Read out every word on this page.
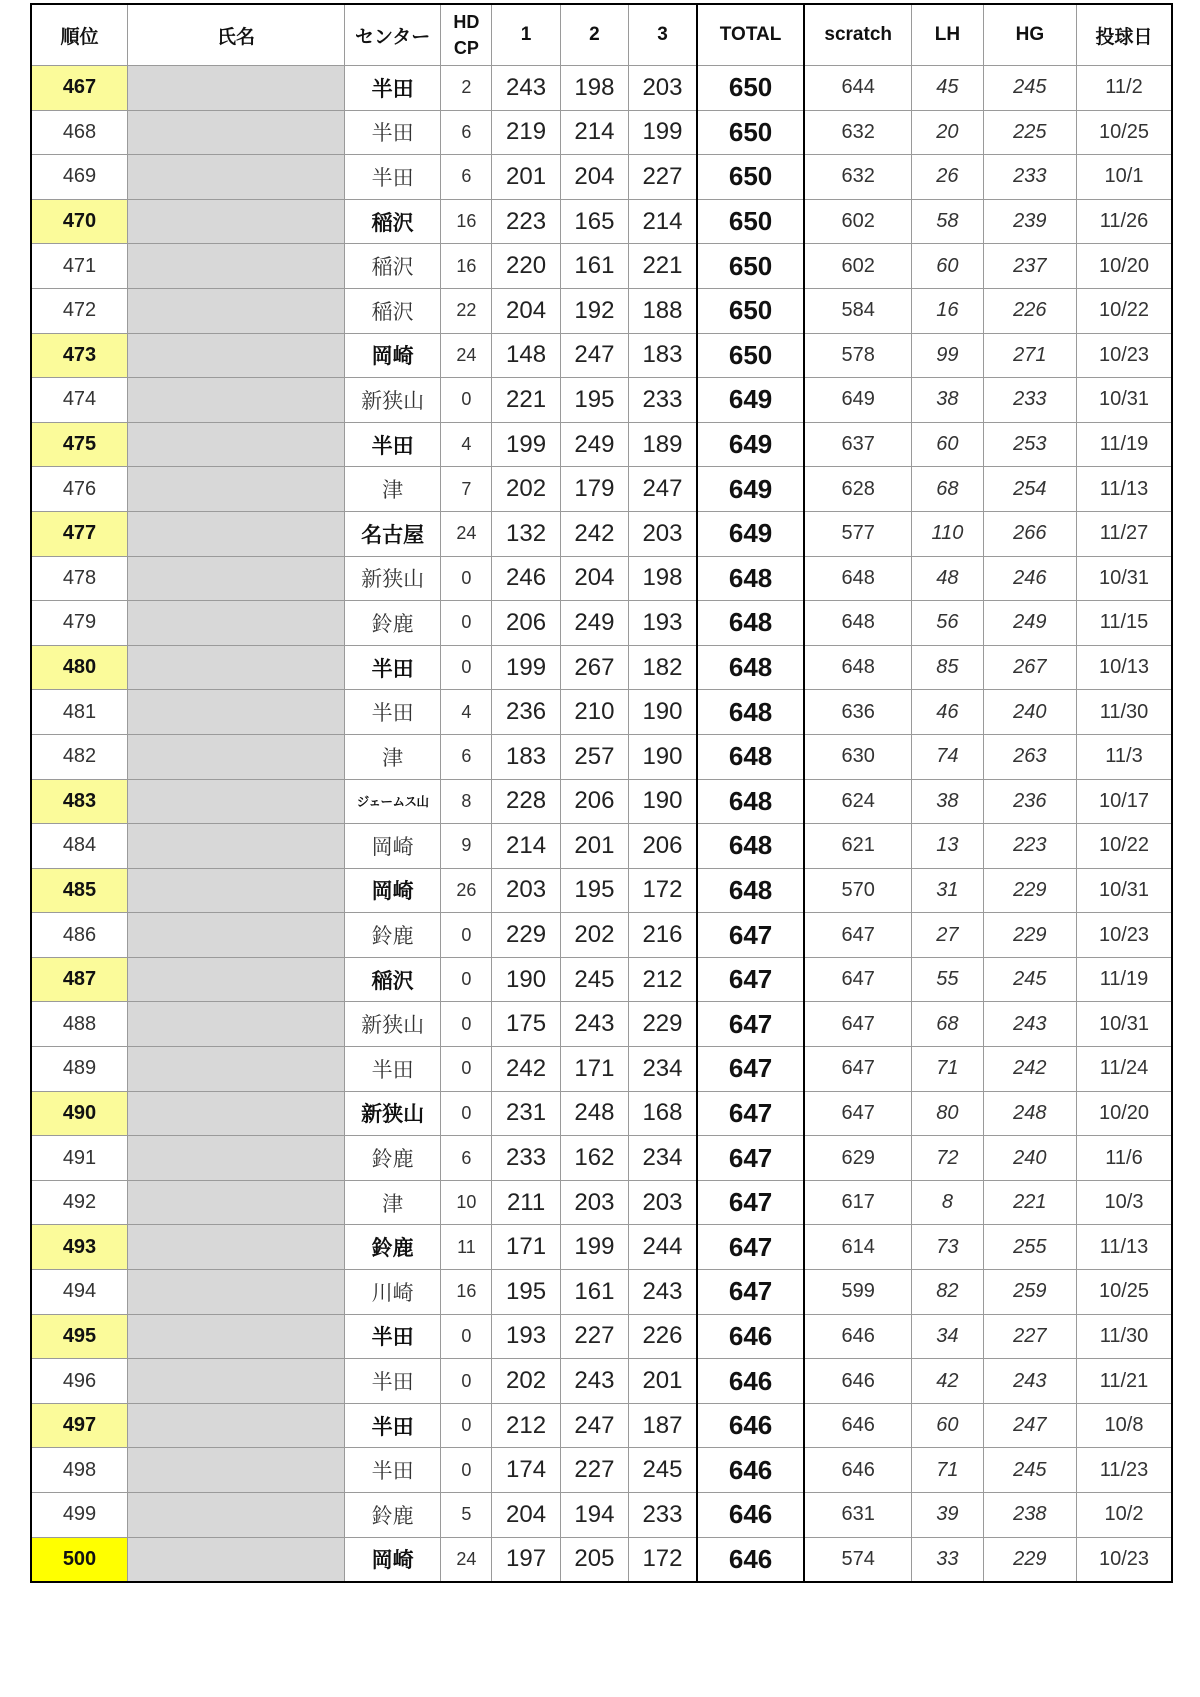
順位	氏名	センター	HD
CP	1	2	3	TOTAL	scratch	LH	HG	投球日
467		半田	2	243	198	203	650	644	45	245	11/2
468		半田	6	219	214	199	650	632	20	225	10/25
469		半田	6	201	204	227	650	632	26	233	10/1
470		稲沢	16	223	165	214	650	602	58	239	11/26
471		稲沢	16	220	161	221	650	602	60	237	10/20
472		稲沢	22	204	192	188	650	584	16	226	10/22
473		岡崎	24	148	247	183	650	578	99	271	10/23
474		新狭山	0	221	195	233	649	649	38	233	10/31
475		半田	4	199	249	189	649	637	60	253	11/19
476		津	7	202	179	247	649	628	68	254	11/13
477		名古屋	24	132	242	203	649	577	110	266	11/27
478		新狭山	0	246	204	198	648	648	48	246	10/31
479		鈴鹿	0	206	249	193	648	648	56	249	11/15
480		半田	0	199	267	182	648	648	85	267	10/13
481		半田	4	236	210	190	648	636	46	240	11/30
482		津	6	183	257	190	648	630	74	263	11/3
483		ジェームス山	8	228	206	190	648	624	38	236	10/17
484		岡崎	9	214	201	206	648	621	13	223	10/22
485		岡崎	26	203	195	172	648	570	31	229	10/31
486		鈴鹿	0	229	202	216	647	647	27	229	10/23
487		稲沢	0	190	245	212	647	647	55	245	11/19
488		新狭山	0	175	243	229	647	647	68	243	10/31
489		半田	0	242	171	234	647	647	71	242	11/24
490		新狭山	0	231	248	168	647	647	80	248	10/20
491		鈴鹿	6	233	162	234	647	629	72	240	11/6
492		津	10	211	203	203	647	617	8	221	10/3
493		鈴鹿	11	171	199	244	647	614	73	255	11/13
494		川崎	16	195	161	243	647	599	82	259	10/25
495		半田	0	193	227	226	646	646	34	227	11/30
496		半田	0	202	243	201	646	646	42	243	11/21
497		半田	0	212	247	187	646	646	60	247	10/8
498		半田	0	174	227	245	646	646	71	245	11/23
499		鈴鹿	5	204	194	233	646	631	39	238	10/2
500		岡崎	24	197	205	172	646	574	33	229	10/23
